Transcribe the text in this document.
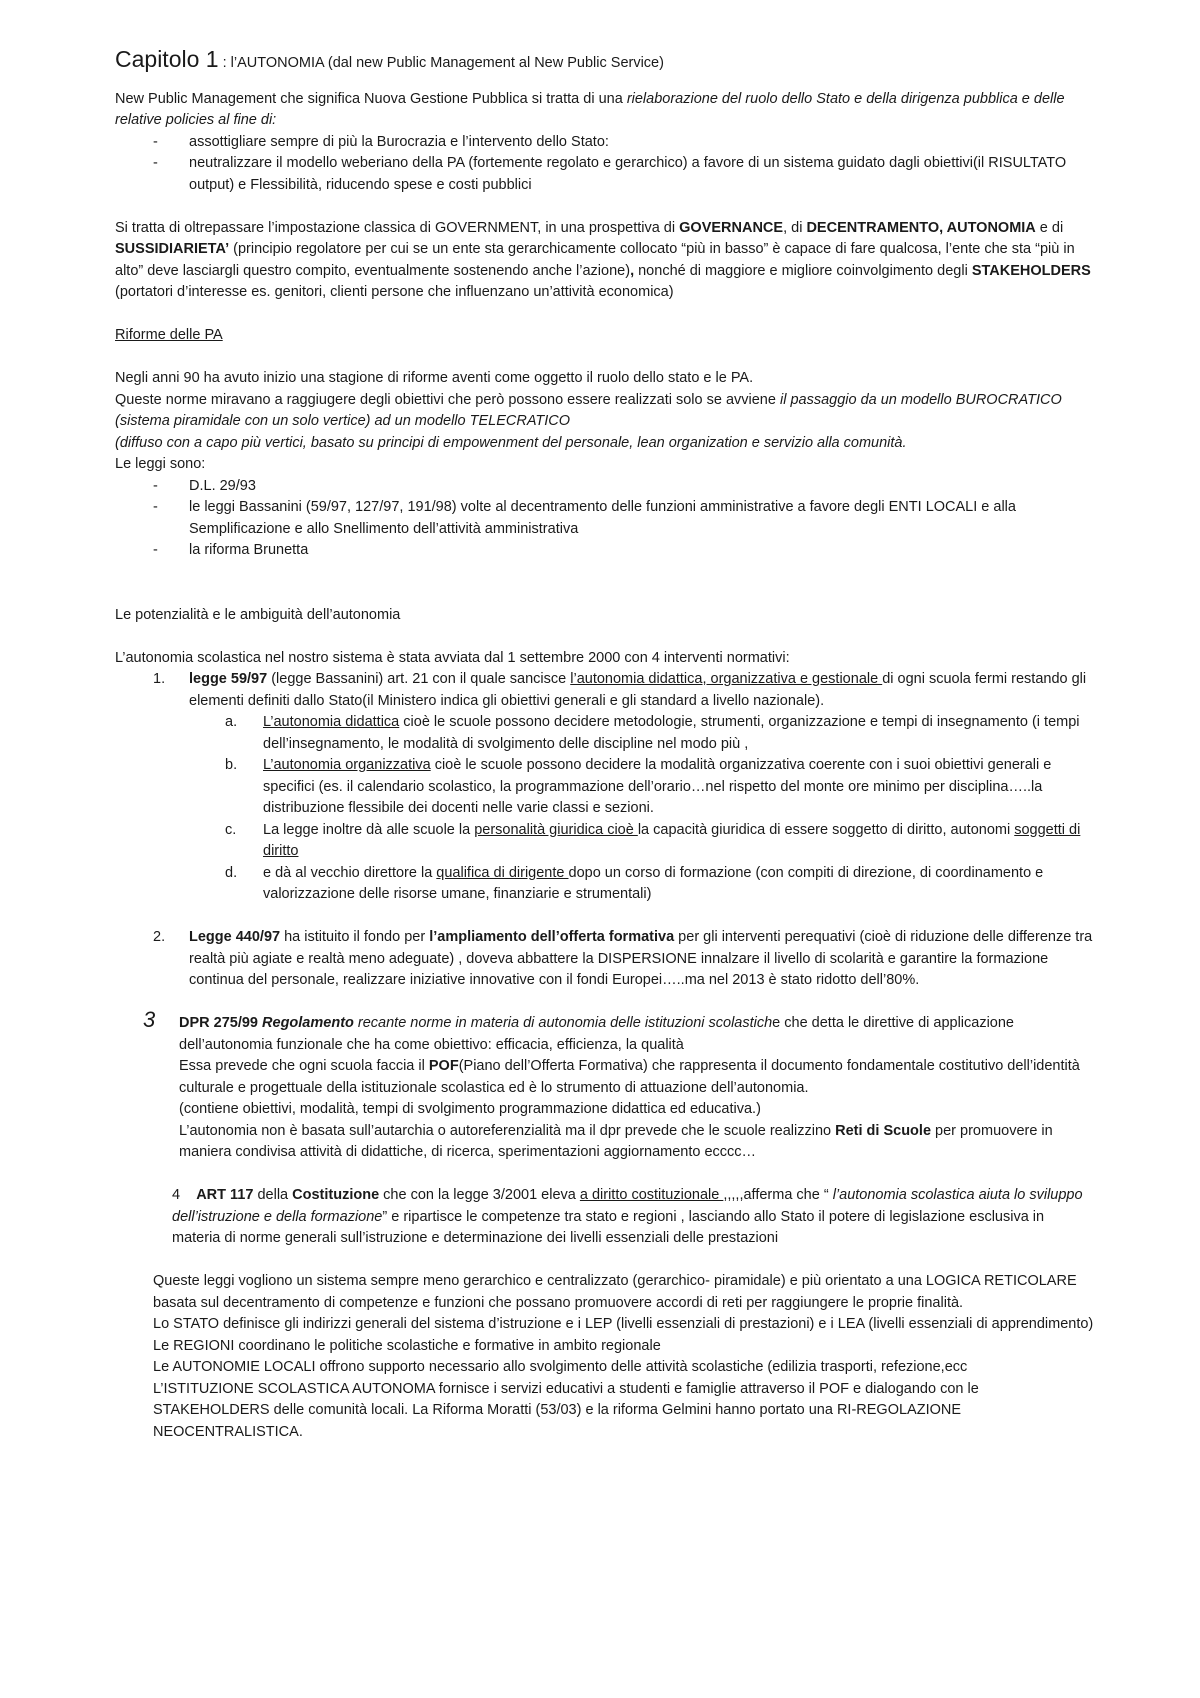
Capitolo 1 : l’AUTONOMIA (dal new Public Management al New Public Service)

New Public Management che significa Nuova Gestione Pubblica si tratta di una rielaborazione del ruolo dello Stato e della dirigenza pubblica e delle relative policies al fine di:

- assottigliare sempre di più la Burocrazia e l’intervento dello Stato:
- neutralizzare il modello weberiano della PA (fortemente regolato e gerarchico) a favore di un sistema guidato dagli obiettivi(il RISULTATO output) e Flessibilità, riducendo spese e costi pubblici

Si tratta di oltrepassare l’impostazione classica di GOVERNMENT, in una prospettiva di GOVERNANCE, di DECENTRAMENTO, AUTONOMIA e di SUSSIDIARIETA’ (principio regolatore per cui se un ente sta gerarchicamente collocato “più in basso” è capace di fare qualcosa, l’ente che sta “più in alto” deve lasciargli questro compito, eventualmente sostenendo anche l’azione), nonché di maggiore e migliore coinvolgimento degli STAKEHOLDERS (portatori d’interesse es. genitori, clienti persone che influenzano un’attività economica)

Riforme delle PA

Negli anni 90 ha avuto inizio una stagione di riforme aventi come oggetto il ruolo dello stato e le PA.

Queste norme miravano a raggiugere degli obiettivi che però possono essere realizzati solo se avviene il passaggio da un modello BUROCRATICO (sistema piramidale con un solo vertice) ad un modello TELECRATICO

(diffuso con a capo più vertici, basato su principi di empowenment del personale, lean organization e servizio alla comunità.

Le leggi sono:

- D.L. 29/93
- le leggi Bassanini (59/97, 127/97, 191/98) volte al decentramento delle funzioni amministrative a favore degli ENTI LOCALI e alla Semplificazione e allo Snellimento dell’attività amministrativa
- la riforma Brunetta

Le potenzialità e le ambiguità dell’autonomia

L’autonomia scolastica nel nostro sistema è stata avviata dal 1 settembre 2000 con 4 interventi normativi:

1. legge 59/97 (legge Bassanini) art. 21 con il quale sancisce l’autonomia didattica, organizzativa e gestionale di ogni scuola fermi restando gli elementi definiti dallo Stato(il Ministero indica gli obiettivi generali e gli standard a livello nazionale).
a. L’autonomia didattica cioè le scuole possono decidere metodologie, strumenti, organizzazione e tempi di insegnamento (i tempi dell’insegnamento, le modalità di svolgimento delle discipline nel modo più ,
b. L’autonomia organizzativa cioè le scuole possono decidere la modalità organizzativa coerente con i suoi obiettivi generali e specifici (es. il calendario scolastico, la programmazione dell’orario…nel rispetto del monte ore minimo per disciplina…..la distribuzione flessibile dei docenti nelle varie classi e sezioni.
c. La legge inoltre dà alle scuole la personalità giuridica cioè la capacità giuridica di essere soggetto di diritto, autonomi soggetti di diritto
d. e dà al vecchio direttore la qualifica di dirigente dopo un corso di formazione (con compiti di direzione, di coordinamento e valorizzazione delle risorse umane, finanziarie e strumentali)
2. Legge 440/97 ha istituito il fondo per l’ampliamento dell’offerta formativa per gli interventi perequativi (cioè di riduzione delle differenze tra realtà più agiate e realtà meno adeguate) , doveva abbattere la DISPERSIONE innalzare il livello di scolarità e garantire la formazione continua del personale, realizzare iniziative innovative con il fondi Europei…..ma nel 2013 è stato ridotto dell’80%.
3 DPR 275/99 Regolamento recante norme in materia di autonomia delle istituzioni scolastiche che detta le direttive di applicazione dell’autonomia funzionale che ha come obiettivo: efficacia, efficienza, la qualità

Essa prevede che ogni scuola faccia il POF(Piano dell’Offerta Formativa) che rappresenta il documento fondamentale costitutivo dell’identità culturale e progettuale della istituzionale scolastica ed è lo strumento di attuazione dell’autonomia.

(contiene obiettivi, modalità, tempi di svolgimento programmazione didattica ed educativa.)

L’autonomia non è basata sull’autarchia o autoreferenzialità ma il dpr prevede che le scuole realizzino Reti di Scuole per promuovere in maniera condivisa attività di didattiche, di ricerca, sperimentazioni aggiornamento ecccc…

4 ART 117 della Costituzione che con la legge 3/2001 eleva a diritto costituzionale ,,,,,afferma che “ l’autonomia scolastica aiuta lo sviluppo dell’istruzione e della formazione” e ripartisce le competenze tra stato e regioni , lasciando allo Stato il potere di legislazione esclusiva in materia di norme generali sull’istruzione e determinazione dei livelli essenziali delle prestazioni

Queste leggi vogliono un sistema sempre meno gerarchico e centralizzato (gerarchico- piramidale) e più orientato a una LOGICA RETICOLARE basata sul decentramento di competenze e funzioni che possano promuovere accordi di reti per raggiungere le proprie finalità.

Lo STATO definisce gli indirizzi generali del sistema d’istruzione e i LEP (livelli essenziali di prestazioni) e i LEA (livelli essenziali di apprendimento)

Le REGIONI coordinano le politiche scolastiche e formative in ambito regionale

Le AUTONOMIE LOCALI offrono supporto necessario allo svolgimento delle attività scolastiche (edilizia trasporti, refezione,ecc

L’ISTITUZIONE SCOLASTICA AUTONOMA fornisce i servizi educativi a studenti e famiglie attraverso il POF e dialogando con le STAKEHOLDERS delle comunità locali. La Riforma Moratti (53/03) e la riforma Gelmini hanno portato una RI-REGOLAZIONE NEOCENTRALISTICA.
